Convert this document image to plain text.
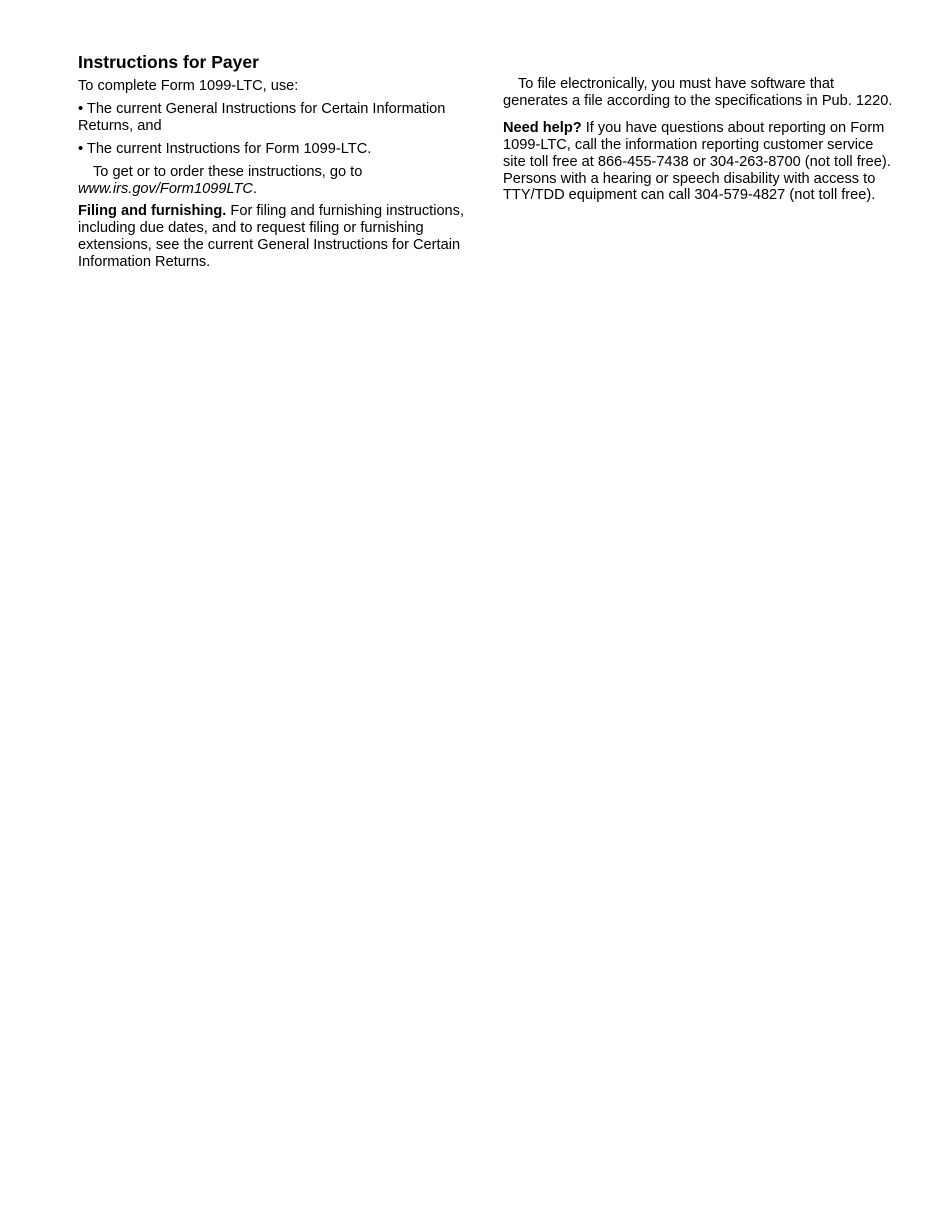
Instructions for Payer

To complete Form 1099-LTC, use:

• The current General Instructions for Certain Information Returns, and

• The current Instructions for Form 1099-LTC.

To get or to order these instructions, go to www.irs.gov/Form1099LTC.

Filing and furnishing. For filing and furnishing instructions, including due dates, and to request filing or furnishing extensions, see the current General Instructions for Certain Information Returns.

To file electronically, you must have software that generates a file according to the specifications in Pub. 1220.

Need help? If you have questions about reporting on Form 1099-LTC, call the information reporting customer service site toll free at 866-455-7438 or 304-263-8700 (not toll free). Persons with a hearing or speech disability with access to TTY/TDD equipment can call 304-579-4827 (not toll free).
